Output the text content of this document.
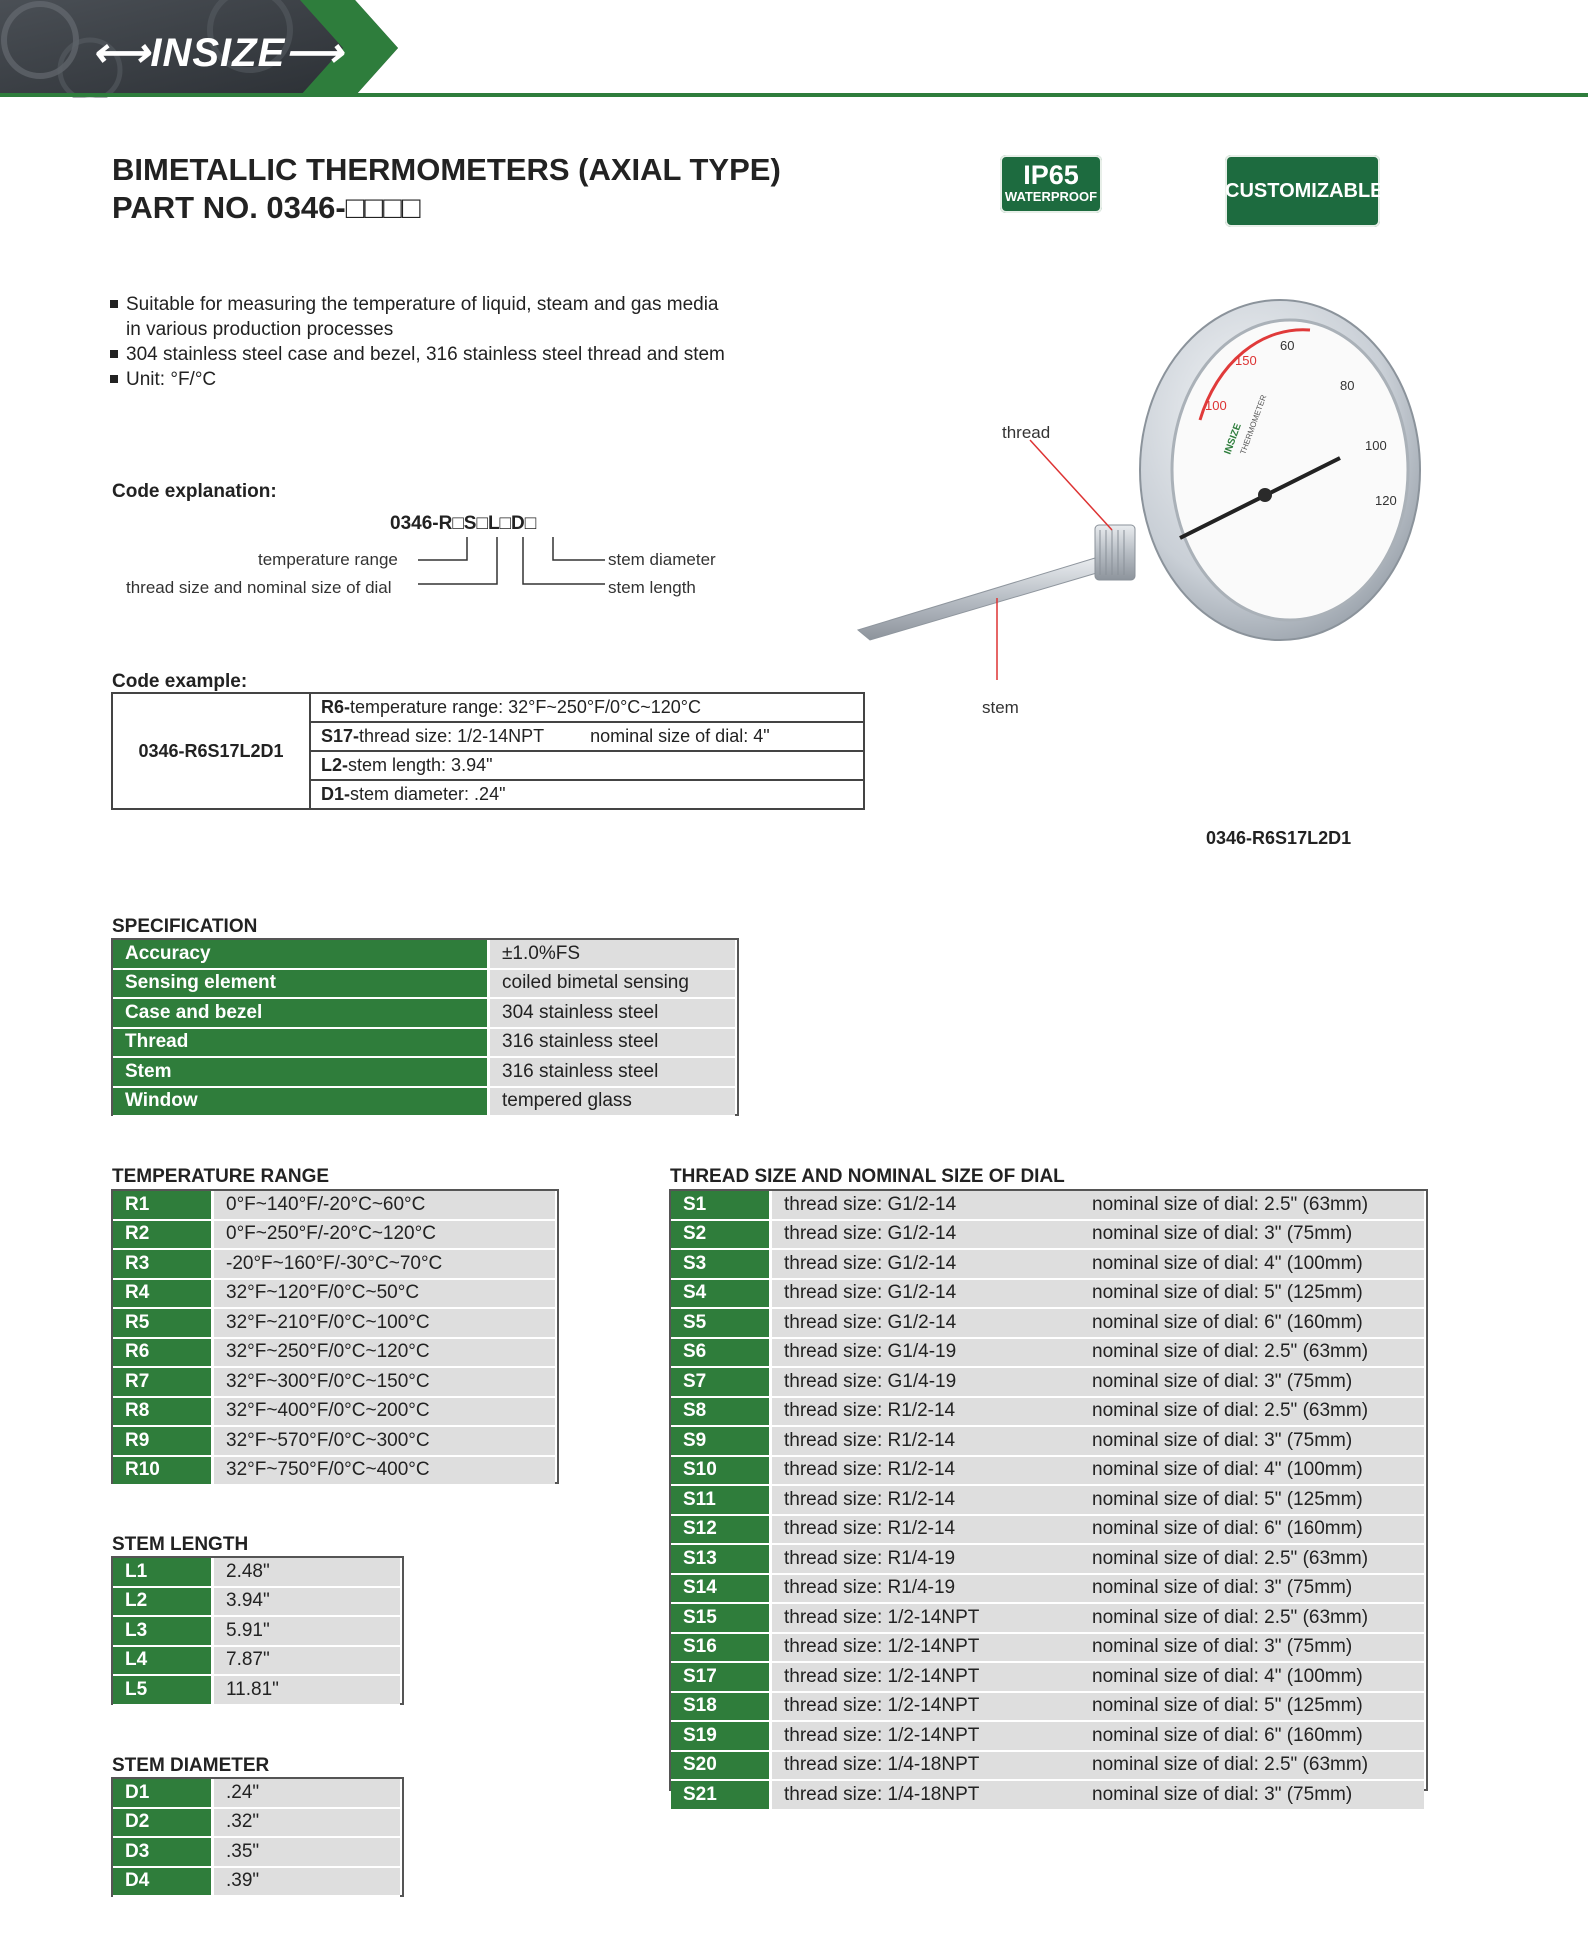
⟷INSIZE⟶
BIMETALLIC THERMOMETERS (AXIAL TYPE)
PART NO. 0346-□□□□
IP65
WATERPROOF	CUSTOMIZABLE
Suitable for measuring the temperature of liquid, steam and gas media
in various production processes
304 stainless steel case and bezel, 316 stainless steel thread and stem
Unit: °F/°C
Code explanation:
0346-R□S□L□D□
temperature range
thread size and nominal size of dial
stem diameter
stem length
Code example:
0346-R6S17L2D1	R6-temperature range: 32°F~250°F/0°C~120°C
S17-thread size: 1/2-14NPT	nominal size of dial: 4"
L2-stem length: 3.94"
D1-stem diameter: .24"
150
100
60
80
100
120
INSIZE
THERMOMETER
thread
stem
0346-R6S17L2D1
SPECIFICATION
Accuracy	±1.0%FS
Sensing element	coiled bimetal sensing
Case and bezel	304 stainless steel
Thread	316 stainless steel
Stem	316 stainless steel
Window	tempered glass
TEMPERATURE RANGE
R1	0°F~140°F/-20°C~60°C
R2	0°F~250°F/-20°C~120°C
R3	-20°F~160°F/-30°C~70°C
R4	32°F~120°F/0°C~50°C
R5	32°F~210°F/0°C~100°C
R6	32°F~250°F/0°C~120°C
R7	32°F~300°F/0°C~150°C
R8	32°F~400°F/0°C~200°C
R9	32°F~570°F/0°C~300°C
R10	32°F~750°F/0°C~400°C
STEM LENGTH
L1	2.48"
L2	3.94"
L3	5.91"
L4	7.87"
L5	11.81"
STEM DIAMETER
D1	.24"
D2	.32"
D3	.35"
D4	.39"
THREAD SIZE AND NOMINAL SIZE OF DIAL
S1	thread size: G1/2-14	nominal size of dial: 2.5" (63mm)
S2	thread size: G1/2-14	nominal size of dial: 3" (75mm)
S3	thread size: G1/2-14	nominal size of dial: 4" (100mm)
S4	thread size: G1/2-14	nominal size of dial: 5" (125mm)
S5	thread size: G1/2-14	nominal size of dial: 6" (160mm)
S6	thread size: G1/4-19	nominal size of dial: 2.5" (63mm)
S7	thread size: G1/4-19	nominal size of dial: 3" (75mm)
S8	thread size: R1/2-14	nominal size of dial: 2.5" (63mm)
S9	thread size: R1/2-14	nominal size of dial: 3" (75mm)
S10	thread size: R1/2-14	nominal size of dial: 4" (100mm)
S11	thread size: R1/2-14	nominal size of dial: 5" (125mm)
S12	thread size: R1/2-14	nominal size of dial: 6" (160mm)
S13	thread size: R1/4-19	nominal size of dial: 2.5" (63mm)
S14	thread size: R1/4-19	nominal size of dial: 3" (75mm)
S15	thread size: 1/2-14NPT	nominal size of dial: 2.5" (63mm)
S16	thread size: 1/2-14NPT	nominal size of dial: 3" (75mm)
S17	thread size: 1/2-14NPT	nominal size of dial: 4" (100mm)
S18	thread size: 1/2-14NPT	nominal size of dial: 5" (125mm)
S19	thread size: 1/2-14NPT	nominal size of dial: 6" (160mm)
S20	thread size: 1/4-18NPT	nominal size of dial: 2.5" (63mm)
S21	thread size: 1/4-18NPT	nominal size of dial: 3" (75mm)
